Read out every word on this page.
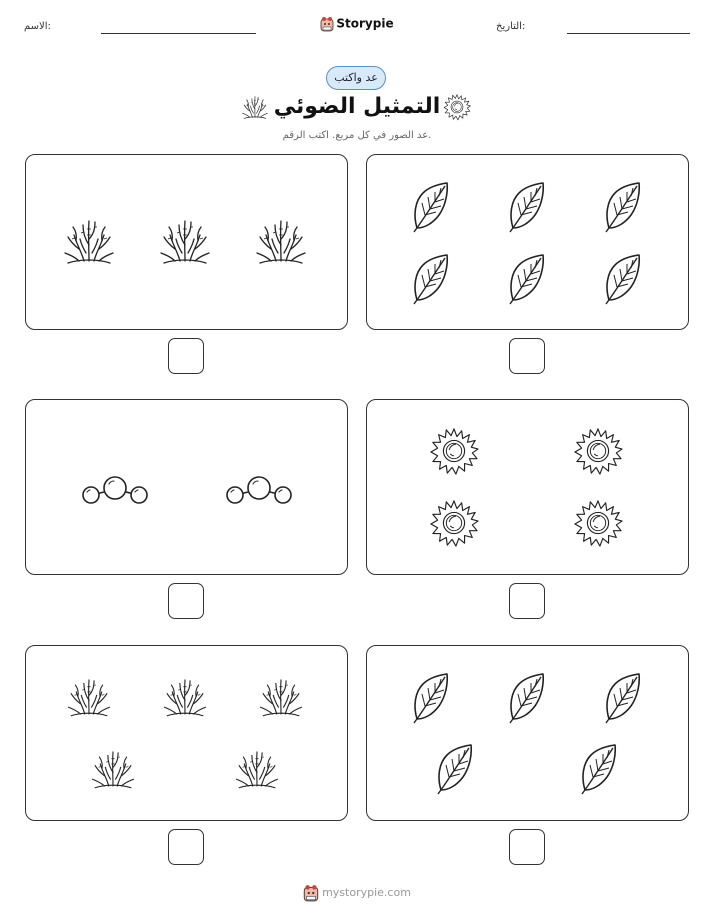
الاسم:	Storypie	التاريخ:
عد واكتب
التمثيل الضوئي
عد الصور في كل مربع. اكتب الرقم.
mystorypie.com
